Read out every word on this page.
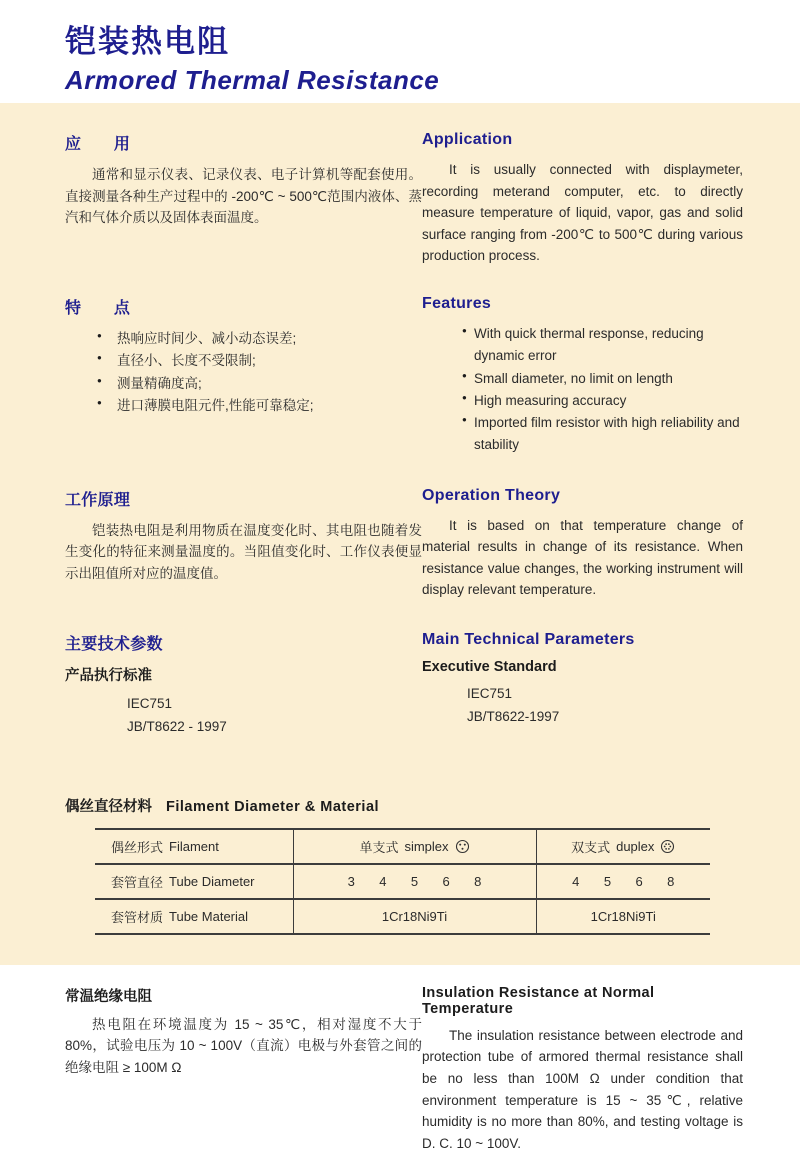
铠装热电阻
Armored Thermal Resistance
应　　用

通常和显示仪表、记录仪表、电子计算机等配套使用。直接测量各种生产过程中的 -200℃ ~ 500℃范围内液体、蒸汽和气体介质以及固体表面温度。

Application

It is usually connected with displaymeter, recording meterand computer, etc. to directly measure temperature of liquid, vapor, gas and solid surface ranging from -200℃ to 500℃ during various production process.

特　　点
● 热响应时间少、减小动态误差;
● 直径小、长度不受限制;
● 测量精确度高;
● 进口薄膜电阻元件,性能可靠稳定;
Features
● With quick thermal response, reducing dynamic error
● Small diameter, no limit on length
● High measuring accuracy
● Imported film resistor with high reliability and stability
工作原理

铠装热电阻是利用物质在温度变化时、其电阻也随着发生变化的特征来测量温度的。当阻值变化时、工作仪表便显示出阻值所对应的温度值。

Operation Theory

It is based on that temperature change of material results in change of its resistance. When resistance value changes, the working instrument will display relevant temperature.

主要技术参数
产品执行标准
IEC751
JB/T8622 - 1997
Main Technical Parameters
Executive Standard
IEC751
JB/T8622-1997
偶丝直径材料 Filament Diameter & Material
偶丝形式 Filament	单支式 simplex	双支式 duplex

套管直径 Tube Diameter	3 4 5 6 8	4 5 6 8

套管材质 Tube Material	1Cr18Ni9Ti	1Cr18Ni9Ti
常温绝缘电阻

热电阻在环境温度为 15 ~ 35℃，相对湿度不大于80%，试验电压为 10 ~ 100V（直流）电极与外套管之间的绝缘电阻 ≥ 100M Ω

Insulation Resistance at Normal Temperature

The insulation resistance between electrode and protection tube of armored thermal resistance shall be no less than 100M Ω under condition that environment temperature is 15 ~ 35℃, relative humidity is no more than 80%, and testing voltage is D. C. 10 ~ 100V.
